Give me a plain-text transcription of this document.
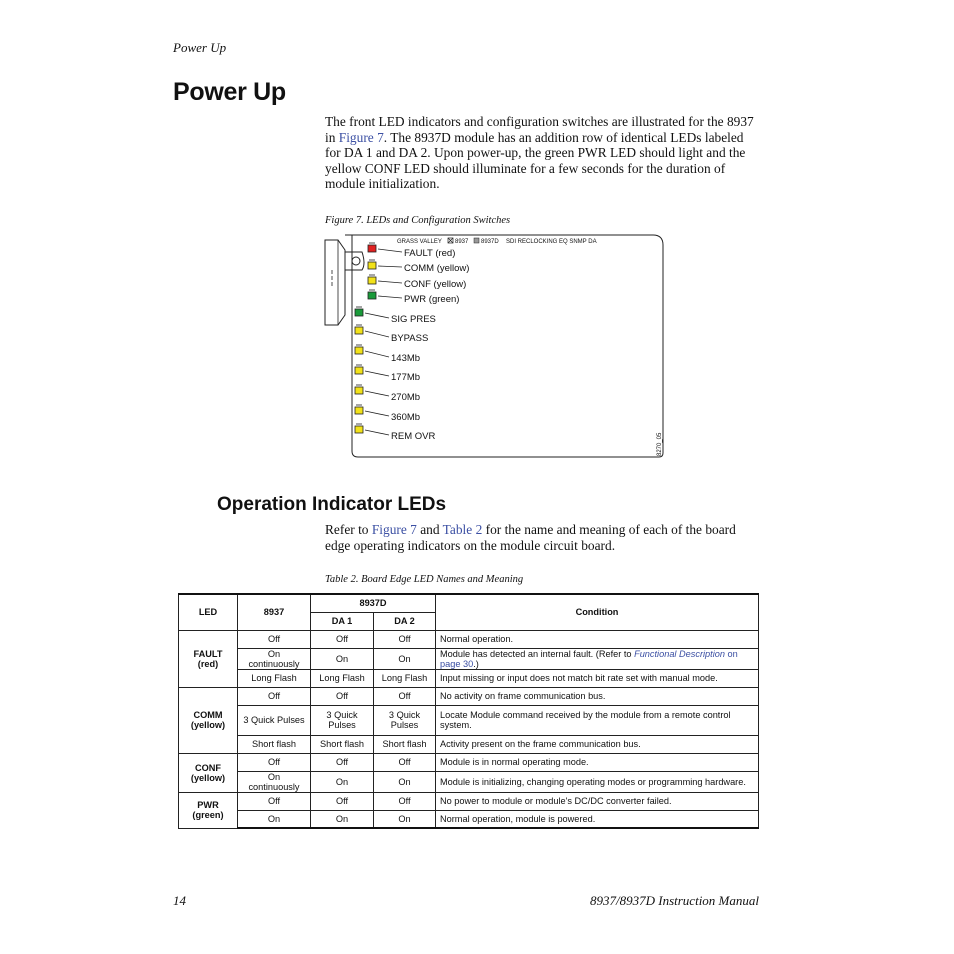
Power Up
Power Up

The front LED indicators and configuration switches are illustrated for the 8937 in Figure 7. The 8937D module has an addition row of identical LEDs labeled for DA 1 and DA 2. Upon power-up, the green PWR LED should light and the yellow CONF LED should illuminate for a few seconds for the duration of module initialization.

Figure 7. LEDs and Configuration Switches
GRASS VALLEY 8937 8937D SDI RECLOCKING EQ SNMP DA
FAULT (red)
COMM (yellow)
CONF (yellow)
PWR (green)
SIG PRES
BYPASS
143Mb
177Mb
270Mb
360Mb
REM OVR	8270_05
Operation Indicator LEDs

Refer to Figure 7 and Table 2 for the name and meaning of each of the board edge operating indicators on the module circuit board.

Table 2. Board Edge LED Names and Meaning
LED	8937	8937D		Condition
		DA 1	DA 2	
FAULT
(red)	Off	Off	Off	Normal operation.
	On continuously	On	On	Module has detected an internal fault. (Refer to Functional Description on page 30.)
	Long Flash	Long Flash	Long Flash	Input missing or input does not match bit rate set with manual mode.
COMM
(yellow)	Off	Off	Off	No activity on frame communication bus.
	3 Quick Pulses	3 Quick Pulses	3 Quick Pulses	Locate Module command received by the module from a remote control system.
	Short flash	Short flash	Short flash	Activity present on the frame communication bus.
CONF
(yellow)	Off	Off	Off	Module is in normal operating mode.
	On continuously	On	On	Module is initializing, changing operating modes or programming hardware.
PWR
(green)	Off	Off	Off	No power to module or module's DC/DC converter failed.
	On	On	On	Normal operation, module is powered.
14	8937/8937D Instruction Manual
